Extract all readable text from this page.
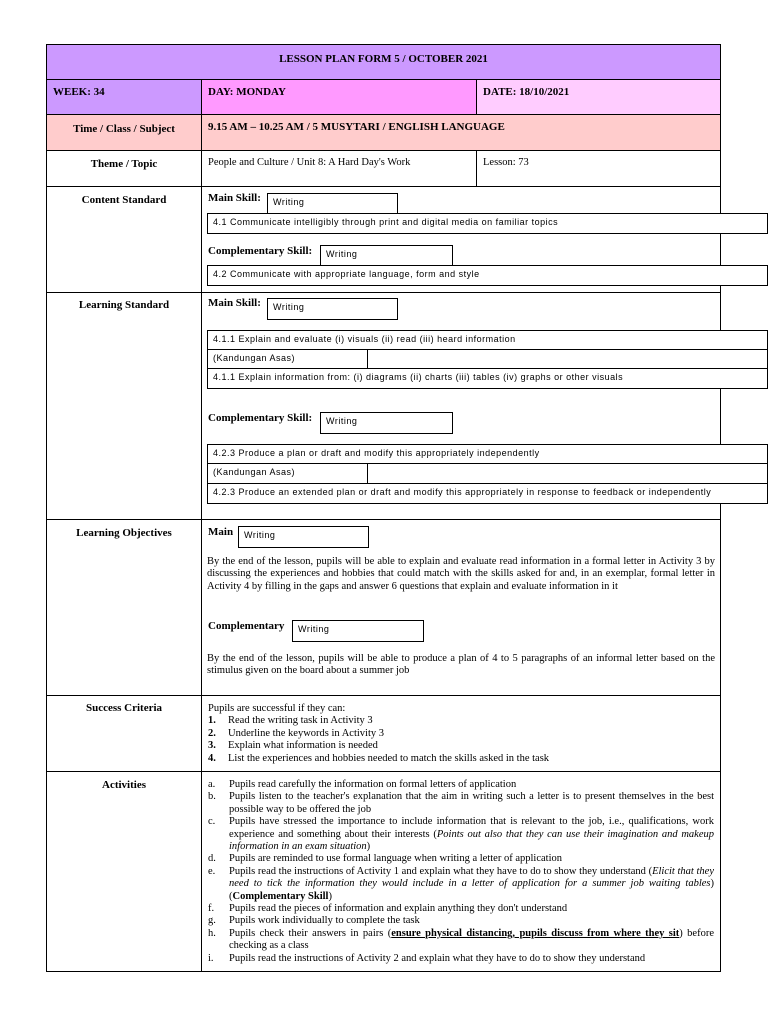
LESSON PLAN FORM 5 / OCTOBER 2021
WEEK: 34	DAY: MONDAY	DATE: 18/10/2021
Time / Class / Subject	9.15 AM – 10.25 AM / 5 MUSYTARI / ENGLISH LANGUAGE
Theme / Topic	People and Culture / Unit 8: A Hard Day's Work	Lesson: 73
Content Standard	Main Skill:	Writing
4.1 Communicate intelligibly through print and digital media on familiar topics
Complementary Skill:	Writing
4.2 Communicate with appropriate language, form and style
Learning Standard	Main Skill:	Writing
4.1.1 Explain and evaluate (i) visuals (ii) read (iii) heard information
(Kandungan Asas)
4.1.1 Explain information from: (i) diagrams (ii) charts (iii) tables (iv) graphs or other visuals
Complementary Skill:	Writing
4.2.3 Produce a plan or draft and modify this appropriately independently
(Kandungan Asas)
4.2.3 Produce an extended plan or draft and modify this appropriately in response to feedback or independently
Learning Objectives	Main	Writing
By the end of the lesson, pupils will be able to explain and evaluate read information in a formal letter in Activity 3 by discussing the experiences and hobbies that could match with the skills asked for and, in an exemplar, formal letter in Activity 4 by filling in the gaps and answer 6 questions that explain and evaluate information in it
Complementary	Writing
By the end of the lesson, pupils will be able to produce a plan of 4 to 5 paragraphs of an informal letter based on the stimulus given on the board about a summer job
Success Criteria	Pupils are successful if they can:
1. Read the writing task in Activity 3
2. Underline the keywords in Activity 3
3. Explain what information is needed
4. List the experiences and hobbies needed to match the skills asked in the task
Activities	a. Pupils read carefully the information on formal letters of application
b. Pupils listen to the teacher's explanation that the aim in writing such a letter is to present themselves in the best possible way to be offered the job
c. Pupils have stressed the importance to include information that is relevant to the job, i.e., qualifications, work experience and something about their interests (Points out also that they can use their imagination and makeup information in an exam situation)
d. Pupils are reminded to use formal language when writing a letter of application
e. Pupils read the instructions of Activity 1 and explain what they have to do to show they understand (Elicit that they need to tick the information they would include in a letter of application for a summer job waiting tables) (Complementary Skill)
f. Pupils read the pieces of information and explain anything they don't understand
g. Pupils work individually to complete the task
h. Pupils check their answers in pairs (ensure physical distancing, pupils discuss from where they sit) before checking as a class
i. Pupils read the instructions of Activity 2 and explain what they have to do to show they understand
